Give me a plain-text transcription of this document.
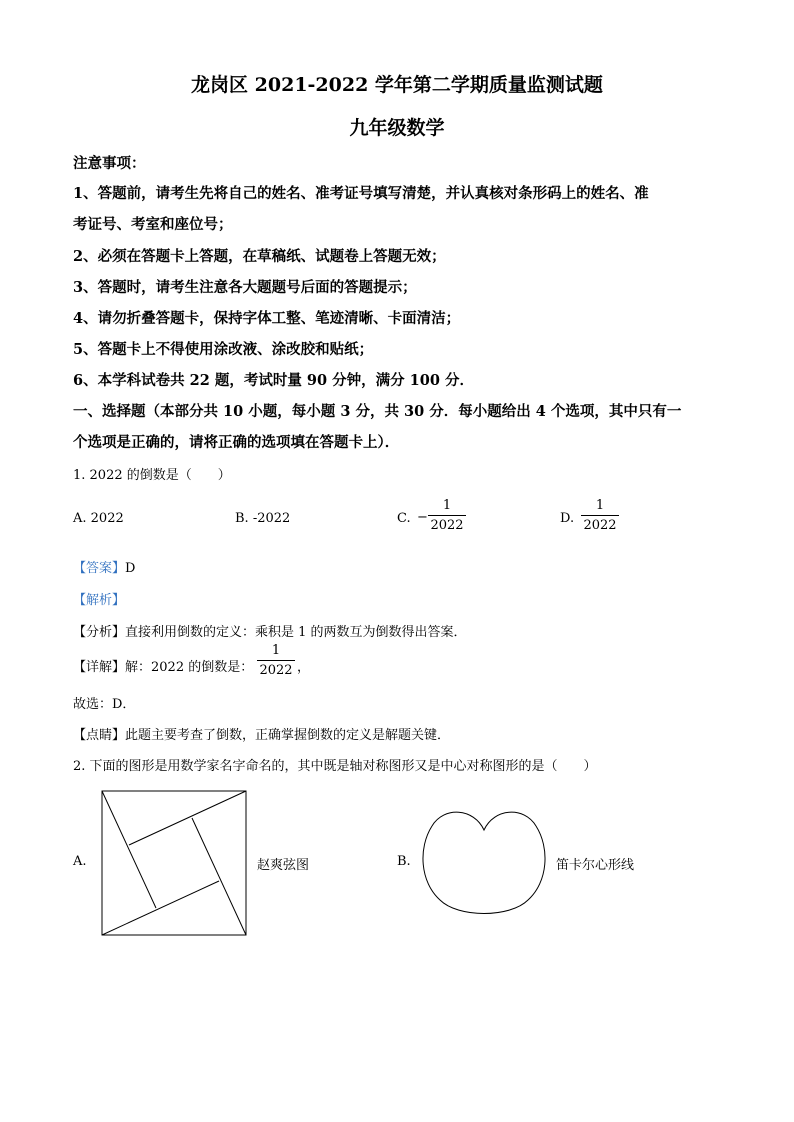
龙岗区 2021-2022 学年第二学期质量监测试题
九年级数学
注意事项：
1、答题前，请考生先将自己的姓名、准考证号填写清楚，并认真核对条形码上的姓名、准
考证号、考室和座位号；
2、必须在答题卡上答题，在草稿纸、试题卷上答题无效；
3、答题时，请考生注意各大题题号后面的答题提示；
4、请勿折叠答题卡，保持字体工整、笔迹清晰、卡面清洁；
5、答题卡上不得使用涂改液、涂改胶和贴纸；
6、本学科试卷共 22 题，考试时量 90 分钟，满分 100 分．
一、选择题（本部分共 10 小题，每小题 3 分，共 30 分．每小题给出 4 个选项，其中只有一
个选项是正确的，请将正确的选项填在答题卡上）．
1. 2022 的倒数是（　　）
A. 2022	B. -2022	C. −
1
2022	D.
1
2022
【答案】D
【解析】
【分析】直接利用倒数的定义：乘积是 1 的两数互为倒数得出答案．
【详解】解：2022 的倒数是：
1
2022 ，
故选：D．
【点睛】此题主要考查了倒数，正确掌握倒数的定义是解题关键．
2. 下面的图形是用数学家名字命名的，其中既是轴对称图形又是中心对称图形的是（　　）
A.	赵爽弦图	B.	笛卡尔心形线
